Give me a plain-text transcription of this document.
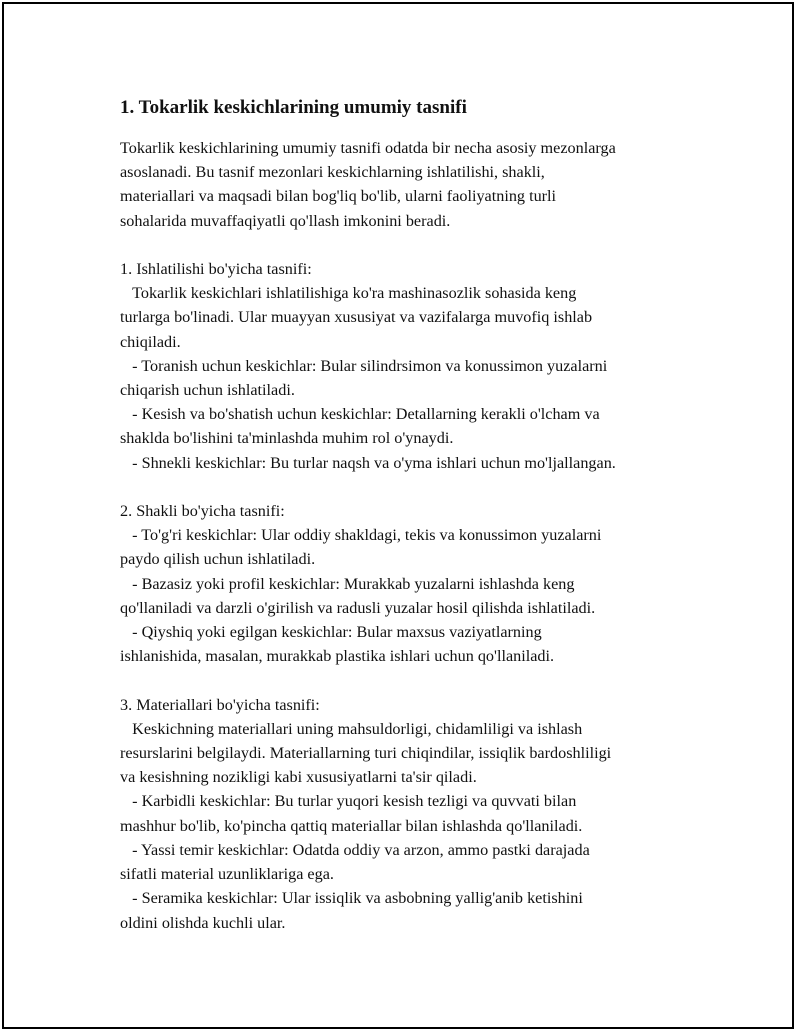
1. Tokarlik keskichlarining umumiy tasnifi

Tokarlik keskichlarining umumiy tasnifi odatda bir necha asosiy mezonlarga
asoslanadi. Bu tasnif mezonlari keskichlarning ishlatilishi, shakli,
materiallari va maqsadi bilan bog'liq bo'lib, ularni faoliyatning turli
sohalarida muvaffaqiyatli qo'llash imkonini beradi.

1. Ishlatilishi bo'yicha tasnifi:
Tokarlik keskichlari ishlatilishiga ko'ra mashinasozlik sohasida keng
turlarga bo'linadi. Ular muayyan xususiyat va vazifalarga muvofiq ishlab
chiqiladi.
- Toranish uchun keskichlar: Bular silindrsimon va konussimon yuzalarni
chiqarish uchun ishlatiladi.
- Kesish va bo'shatish uchun keskichlar: Detallarning kerakli o'lcham va
shaklda bo'lishini ta'minlashda muhim rol o'ynaydi.
- Shnekli keskichlar: Bu turlar naqsh va o'yma ishlari uchun mo'ljallangan.

2. Shakli bo'yicha tasnifi:
- To'g'ri keskichlar: Ular oddiy shakldagi, tekis va konussimon yuzalarni
paydo qilish uchun ishlatiladi.
- Bazasiz yoki profil keskichlar: Murakkab yuzalarni ishlashda keng
qo'llaniladi va darzli o'girilish va radusli yuzalar hosil qilishda ishlatiladi.
- Qiyshiq yoki egilgan keskichlar: Bular maxsus vaziyatlarning
ishlanishida, masalan, murakkab plastika ishlari uchun qo'llaniladi.

3. Materiallari bo'yicha tasnifi:
Keskichning materiallari uning mahsuldorligi, chidamliligi va ishlash
resurslarini belgilaydi. Materiallarning turi chiqindilar, issiqlik bardoshliligi
va kesishning nozikligi kabi xususiyatlarni ta'sir qiladi.
- Karbidli keskichlar: Bu turlar yuqori kesish tezligi va quvvati bilan
mashhur bo'lib, ko'pincha qattiq materiallar bilan ishlashda qo'llaniladi.
- Yassi temir keskichlar: Odatda oddiy va arzon, ammo pastki darajada
sifatli material uzunliklariga ega.
- Seramika keskichlar: Ular issiqlik va asbobning yallig'anib ketishini
oldini olishda kuchli ular.
